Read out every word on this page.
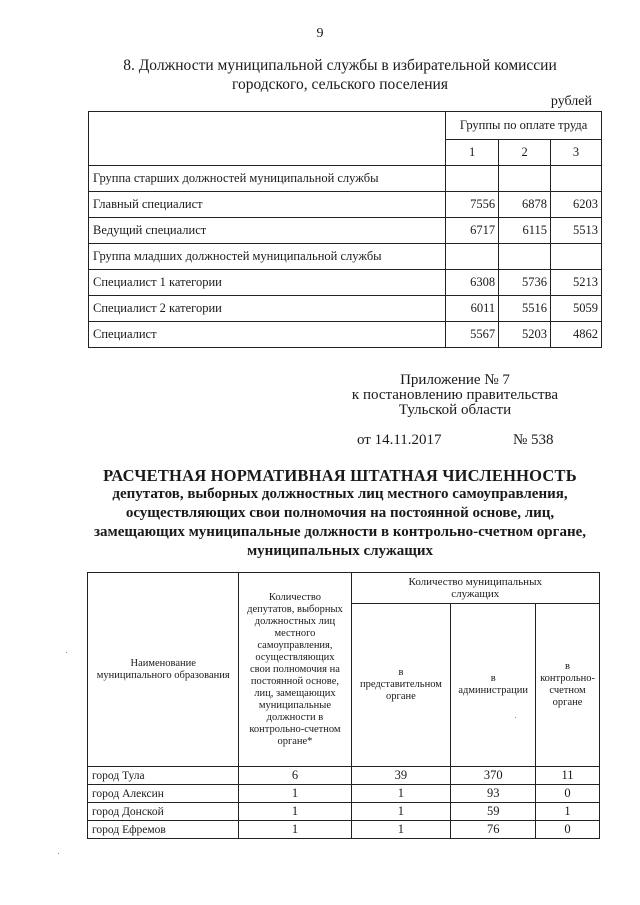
9
8. Должности муниципальной службы в избирательной комиссии
городского, сельского поселения
рублей
	Группы по оплате труда		
	1	2	3
Группа старших должностей муниципальной службы			
Главный специалист	7556	6878	6203
Ведущий специалист	6717	6115	5513
Группа младших должностей муниципальной службы			
Специалист 1 категории	6308	5736	5213
Специалист 2 категории	6011	5516	5059
Специалист	5567	5203	4862
Приложение № 7
к постановлению правительства
Тульской области
от 14.11.2017	№ 538
РАСЧЕТНАЯ НОРМАТИВНАЯ ШТАТНАЯ ЧИСЛЕННОСТЬ
депутатов, выборных должностных лиц местного самоуправления,
осуществляющих свои полномочия на постоянной основе, лиц,
замещающих муниципальные должности в контрольно-счетном органе,
муниципальных служащих
Наименование муниципального образования	Количество депутатов, выборных должностных лиц местного самоуправления, осуществляющих свои полномочия на постоянной основе, лиц, замещающих муниципальные должности в контрольно-счетном органе*	Количество муниципальных служащих		
		в представительном органе	в администрации	в контрольно-счетном органе
город Тула	6	39	370	11
город Алексин	1	1	93	0
город Донской	1	1	59	1
город Ефремов	1	1	76	0
